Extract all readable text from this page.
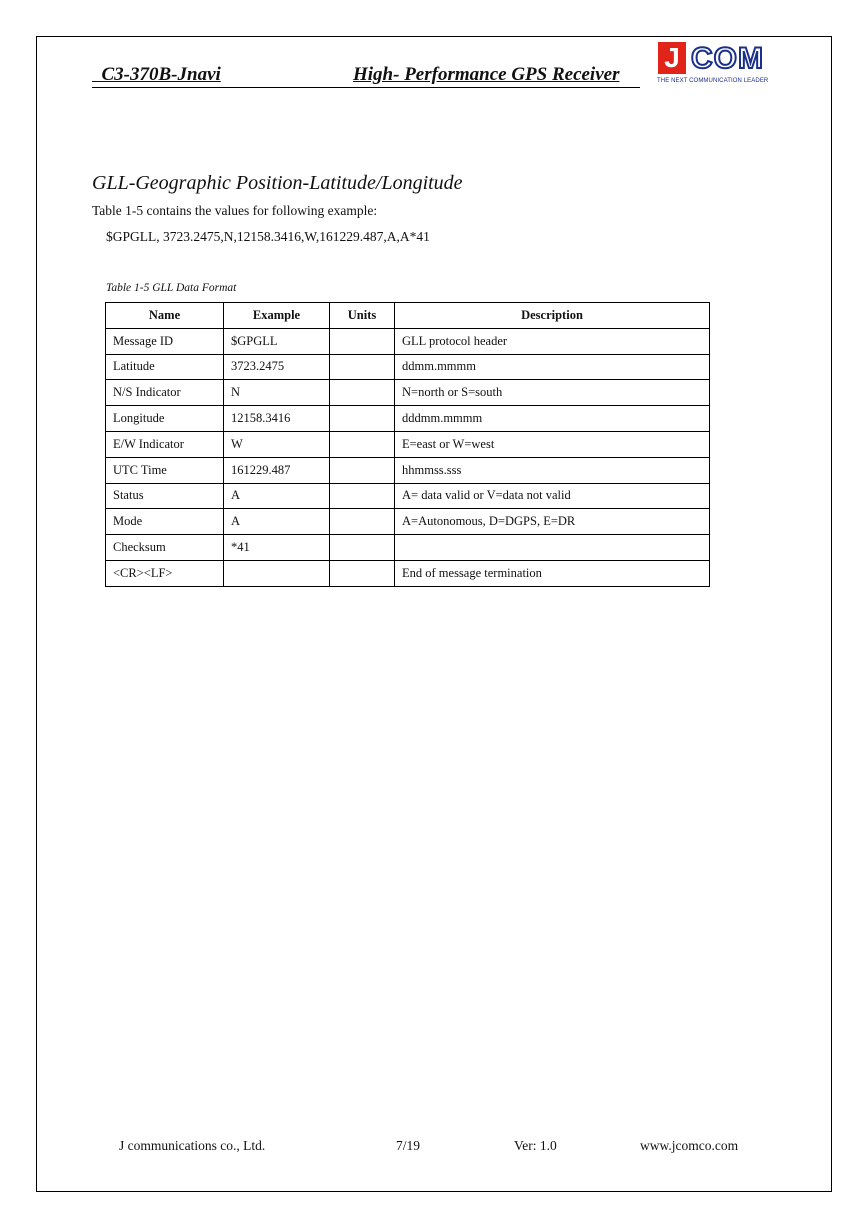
C3-370B-Jnavi	High- Performance GPS Receiver
J COM
THE NEXT COMMUNICATION LEADER
GLL-Geographic Position-Latitude/Longitude
Table 1-5 contains the values for following example:
$GPGLL, 3723.2475,N,12158.3416,W,161229.487,A,A*41
Table 1-5 GLL Data Format
Name	Example	Units	Description
Message ID	$GPGLL		GLL protocol header
Latitude	3723.2475		ddmm.mmmm
N/S Indicator	N		N=north or S=south
Longitude	12158.3416		dddmm.mmmm
E/W Indicator	W		E=east or W=west
UTC Time	161229.487		hhmmss.sss
Status	A		A= data valid or V=data not valid
Mode	A		A=Autonomous, D=DGPS, E=DR
Checksum	*41		
<CR><LF>			End of message termination
J communications co., Ltd.	7/19	Ver: 1.0	www.jcomco.com
